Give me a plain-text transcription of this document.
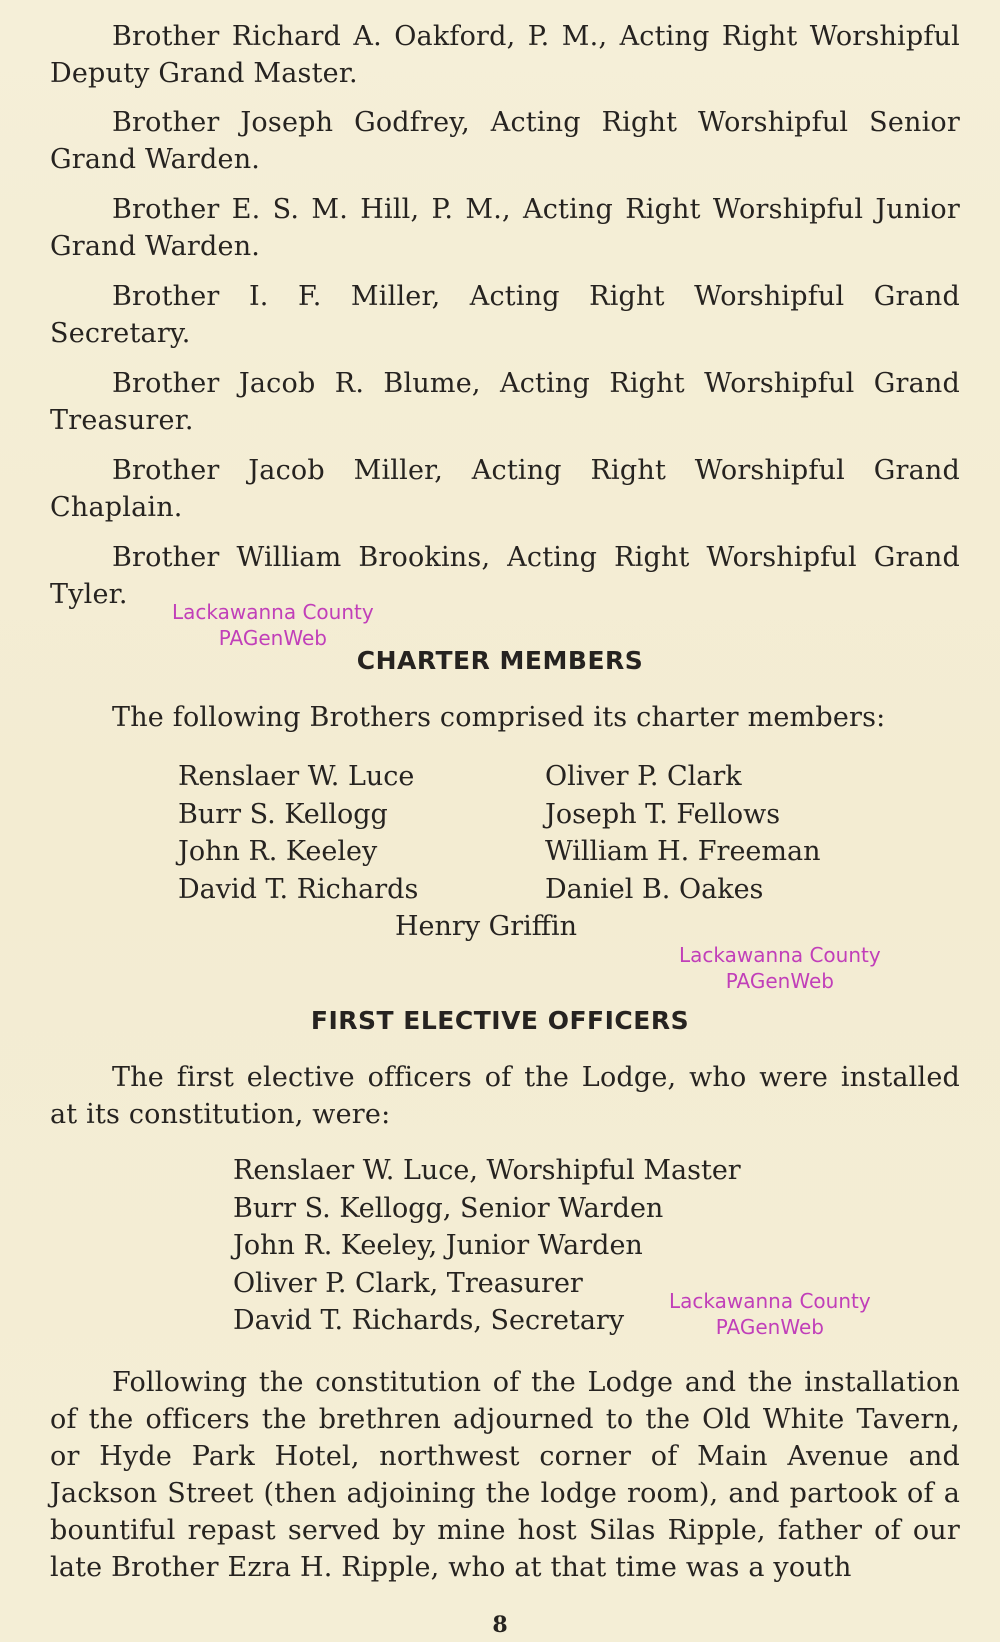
Brother Richard A. Oakford, P. M., Acting Right Worshipful Deputy Grand Master.

Brother Joseph Godfrey, Acting Right Worshipful Senior Grand Warden.

Brother E. S. M. Hill, P. M., Acting Right Worshipful Junior Grand Warden.

Brother I. F. Miller, Acting Right Worshipful Grand Secretary.

Brother Jacob R. Blume, Acting Right Worshipful Grand Treasurer.

Brother Jacob Miller, Acting Right Worshipful Grand Chaplain.

Brother William Brookins, Acting Right Worshipful Grand Tyler.

Lackawanna County
PAGenWeb
CHARTER MEMBERS

The following Brothers comprised its charter members:

Renslaer W. Luce
Burr S. Kellogg
John R. Keeley
David T. Richards
Oliver P. Clark
Joseph T. Fellows
William H. Freeman
Daniel B. Oakes
Henry Griffin
Lackawanna County
PAGenWeb
FIRST ELECTIVE OFFICERS

The first elective officers of the Lodge, who were installed at its constitution, were:

Renslaer W. Luce, Worshipful Master
Burr S. Kellogg, Senior Warden
John R. Keeley, Junior Warden
Oliver P. Clark, Treasurer
David T. Richards, Secretary
Lackawanna County
PAGenWeb

Following the constitution of the Lodge and the installation of the officers the brethren adjourned to the Old White Tavern, or Hyde Park Hotel, northwest corner of Main Avenue and Jackson Street (then adjoining the lodge room), and partook of a bountiful repast served by mine host Silas Ripple, father of our late Brother Ezra H. Ripple, who at that time was a youth

8
